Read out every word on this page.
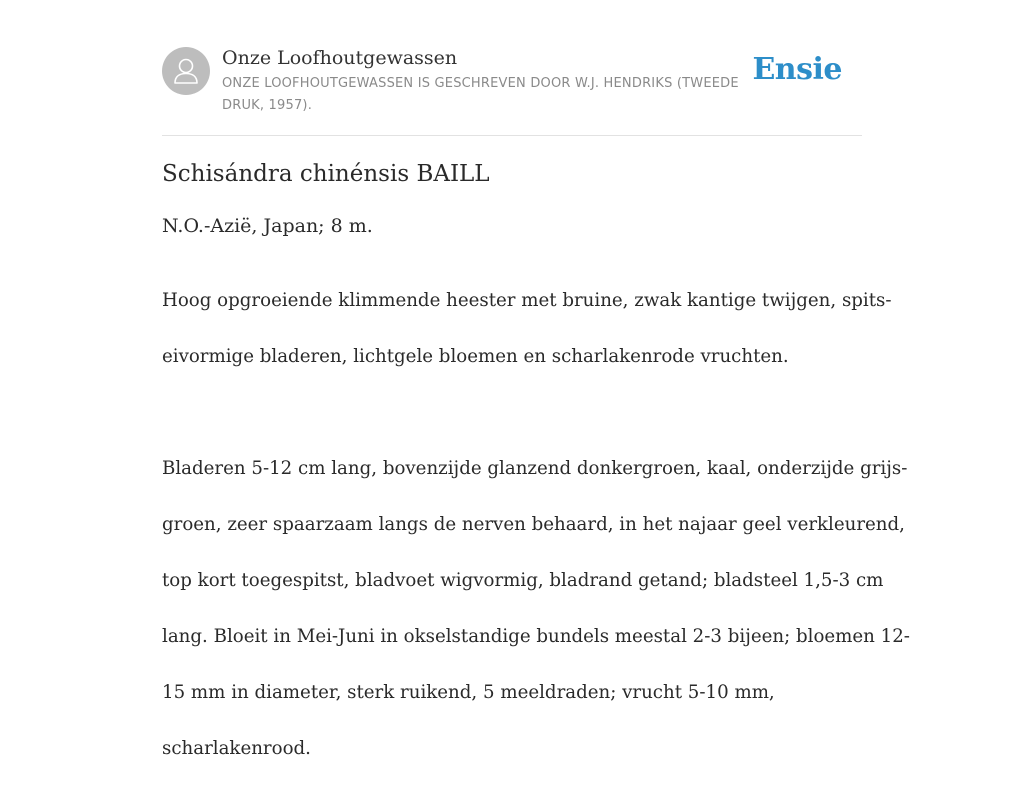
Onze Loofhoutgewassen
ONZE LOOFHOUTGEWASSEN IS GESCHREVEN DOOR W.J. HENDRIKS (TWEEDE DRUK, 1957).
Ensie
Schisándra chinénsis BAILL

N.O.-Azië, Japan; 8 m.

Hoog opgroeiende klimmende heester met bruine, zwak kantige twijgen, spits-

eivormige bladeren, lichtgele bloemen en scharlakenrode vruchten.

Bladeren 5-12 cm lang, bovenzijde glanzend donkergroen, kaal, onderzijde grijs-

groen, zeer spaarzaam langs de nerven behaard, in het najaar geel verkleurend,

top kort toegespitst, bladvoet wigvormig, bladrand getand; bladsteel 1,5-3 cm

lang. Bloeit in Mei-Juni in okselstandige bundels meestal 2-3 bijeen; bloemen 12-

15 mm in diameter, sterk ruikend, 5 meeldraden; vrucht 5-10 mm,

scharlakenrood.
